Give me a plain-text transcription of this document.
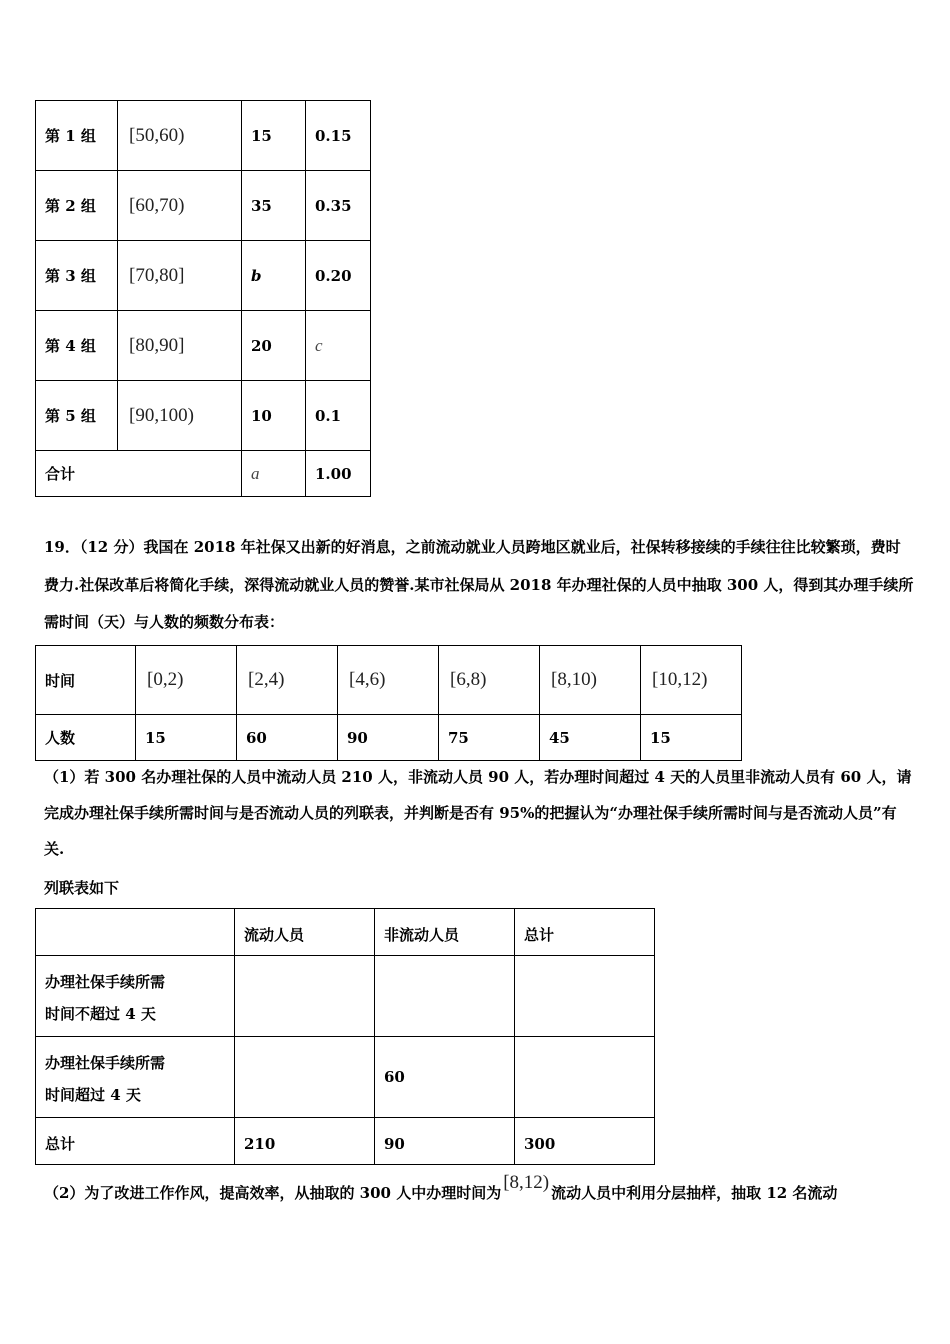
第 1 组	[50,60)	15	0.15
第 2 组	[60,70)	35	0.35
第 3 组	[70,80]	b	0.20
第 4 组	[80,90]	20	c
第 5 组	[90,100)	10	0.1
合计		a	1.00
19．（12 分）我国在 2018 年社保又出新的好消息，之前流动就业人员跨地区就业后，社保转移接续的手续往往比较繁琐，费时费力.社保改革后将简化手续，深得流动就业人员的赞誉.某市社保局从 2018 年办理社保的人员中抽取 300 人，得到其办理手续所需时间（天）与人数的频数分布表：
时间	[0,2)	[2,4)	[4,6)	[6,8)	[8,10)	[10,12)
人数	15	60	90	75	45	15
（1）若 300 名办理社保的人员中流动人员 210 人，非流动人员 90 人，若办理时间超过 4 天的人员里非流动人员有 60 人，请完成办理社保手续所需时间与是否流动人员的列联表，并判断是否有 95%的把握认为“办理社保手续所需时间与是否流动人员”有关.
列联表如下
	流动人员	非流动人员	总计

办理社保手续所需
时间不超过 4 天			

办理社保手续所需
时间超过 4 天		60	
总计	210	90	300
（2）为了改进工作作风，提高效率，从抽取的 300 人中办理时间为 [8,12) 流动人员中利用分层抽样，抽取 12 名流动
